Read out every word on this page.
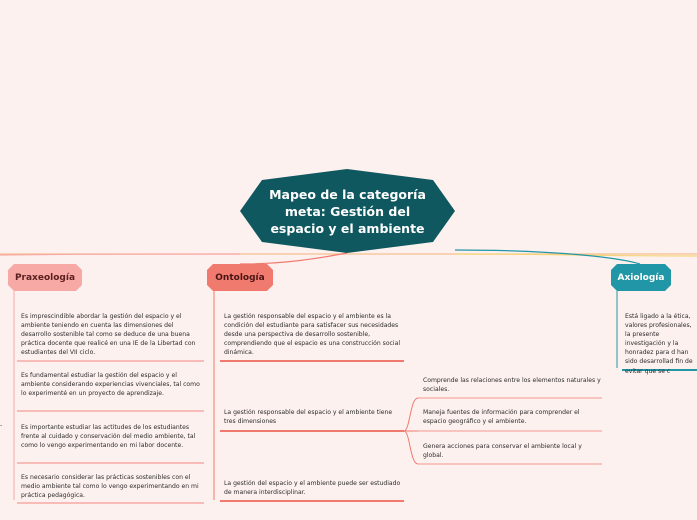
-
Mapeo de la categoría meta: Gestión del espacio y el ambiente
Praxeología	Ontología	Axiología
Es imprescindible abordar la gestión del espacio y el ambiente teniendo en cuenta las dimensiones del desarrollo sostenible tal como se deduce de una buena práctica docente que realicé en una IE de la Libertad con estudiantes del VII ciclo.
Es fundamental estudiar la gestión del espacio y el ambiente considerando experiencias vivenciales, tal como lo experimenté en un proyecto de aprendizaje.
Es importante estudiar las actitudes de los estudiantes frente al cuidado y conservación del medio ambiente, tal como lo vengo experimentando en mi labor docente.
Es necesario considerar las prácticas sostenibles con el medio ambiente tal como lo vengo experimentando en mi práctica pedagógica.
La gestión responsable del espacio y el ambiente es la condición del estudiante para satisfacer sus necesidades desde una perspectiva de desarrollo sostenible, comprendiendo que el espacio es una construcción social dinámica.
La gestión responsable del espacio y el ambiente tiene tres dimensiones
La gestión del espacio y el ambiente puede ser estudiado de manera interdisciplinar.
Comprende las relaciones entre los elementos naturales y sociales.
Maneja fuentes de información para comprender el espacio geográfico y el ambiente.
Genera acciones para conservar el ambiente local y global.
Está ligado a la ética, valores profesionales, la presente investigación y la honradez para d han sido desarrollad fin de evitar que se c
